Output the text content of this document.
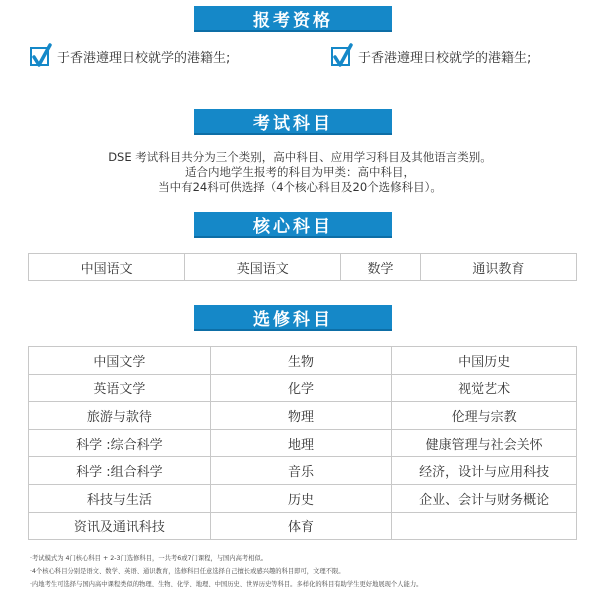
报考资格
于香港遵理日校就学的港籍生;	于香港遵理日校就学的港籍生;
考试科目

DSE 考试科目共分为三个类别，高中科目、应用学习科目及其他语言类别。

适合内地学生报考的科目为甲类：高中科目，

当中有24科可供选择（4个核心科目及20个选修科目）。

核心科目
中国语文	英国语文	数学	通识教育
选修科目
中国文学	生物	中国历史
英语文学	化学	视觉艺术
旅游与款待	物理	伦理与宗教
科学 :综合科学	地理	健康管理与社会关怀
科学 :组合科学	音乐	经济，设计与应用科技
科技与生活	历史	企业、会计与财务概论
资讯及通讯科技	体育	

·考试模式为 4门核心科目 + 2-3门选修科目，一共考6或7门课程，与国内高考相似。

·4个核心科目分别是语文、数学、英语、通识教育，选修科目任意选择自己擅长或感兴趣的科目即可，文理不限。

·内地考生可选择与国内高中课程类似的物理、生物、化学、地理、中国历史、世界历史等科目。多样化的科目有助学生更好地展现个人能力。
